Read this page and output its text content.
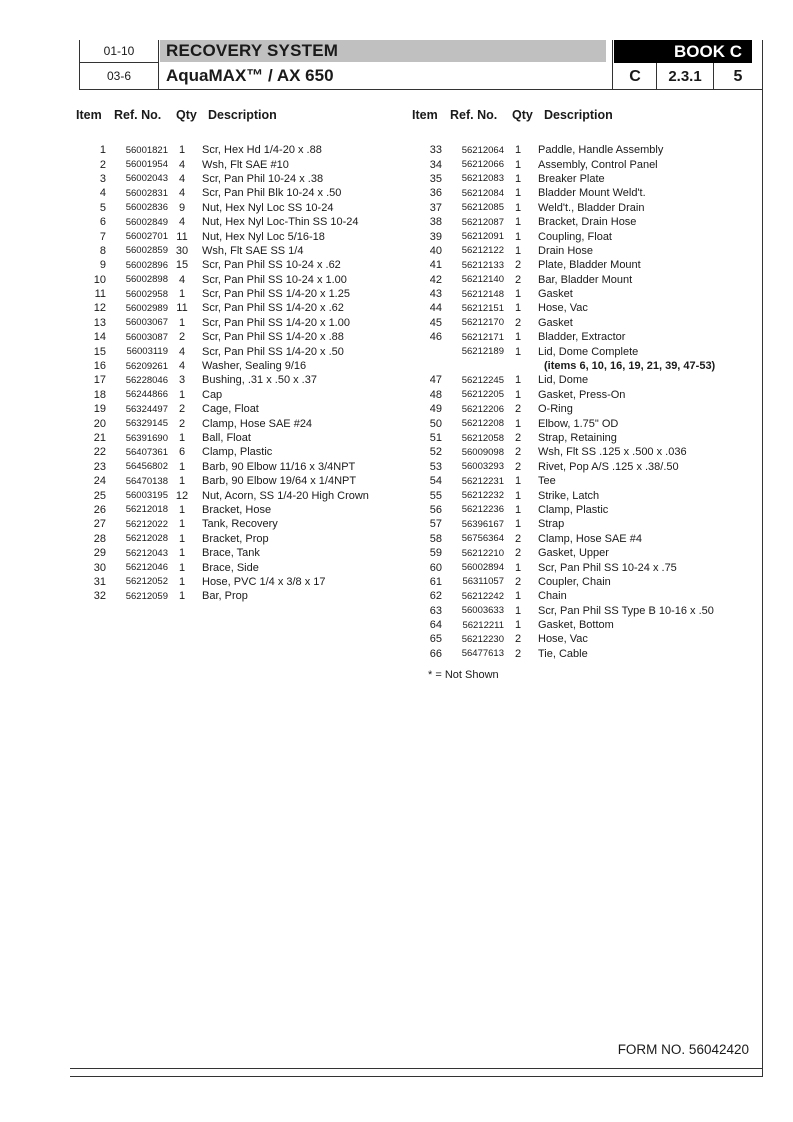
01-10
03-6
RECOVERY SYSTEM
AquaMAX™ / AX 650
BOOK C
C	2.3.1	5
Item Ref. No.	Qty Description
1	56001821 1	Scr, Hex Hd 1/4-20 x .88
2	56001954 4	Wsh, Flt SAE #10
3	56002043 4	Scr, Pan Phil 10-24 x .38
4	56002831 4	Scr, Pan Phil Blk 10-24 x .50
5	56002836 9	Nut, Hex Nyl Loc SS 10-24
6	56002849 4	Nut, Hex Nyl Loc-Thin SS 10-24
7	56002701 11	Nut, Hex Nyl Loc 5/16-18
8	56002859 30	Wsh, Flt SAE SS 1/4
9	56002896 15	Scr, Pan Phil SS 10-24 x .62
10	56002898 4	Scr, Pan Phil SS 10-24 x 1.00
11	56002958 1	Scr, Pan Phil SS 1/4-20 x 1.25
12	56002989 11	Scr, Pan Phil SS 1/4-20 x .62
13	56003067 1	Scr, Pan Phil SS 1/4-20 x 1.00
14	56003087 2	Scr, Pan Phil SS 1/4-20 x .88
15	56003119 4	Scr, Pan Phil SS 1/4-20 x .50
16	56209261 4	Washer, Sealing 9/16
17	56228046 3	Bushing, .31 x .50 x .37
18	56244866 1	Cap
19	56324497 2	Cage, Float
20	56329145 2	Clamp, Hose SAE #24
21	56391690 1	Ball, Float
22	56407361 6	Clamp, Plastic
23	56456802 1	Barb, 90 Elbow 11/16 x 3/4NPT
24	56470138 1	Barb, 90 Elbow 19/64 x 1/4NPT
25	56003195 12	Nut, Acorn, SS 1/4-20 High Crown
26	56212018 1	Bracket, Hose
27	56212022 1	Tank, Recovery
28	56212028 1	Bracket, Prop
29	56212043 1	Brace, Tank
30	56212046 1	Brace, Side
31	56212052 1	Hose, PVC 1/4 x 3/8 x 17
32	56212059 1	Bar, Prop
Item Ref. No.	Qty Description
33	56212064 1	Paddle, Handle Assembly
34	56212066 1	Assembly, Control Panel
35	56212083 1	Breaker Plate
36	56212084 1	Bladder Mount Weld't.
37	56212085 1	Weld't., Bladder Drain
38	56212087 1	Bracket, Drain Hose
39	56212091 1	Coupling, Float
40	56212122 1	Drain Hose
41	56212133 2	Plate, Bladder Mount
42	56212140 2	Bar, Bladder Mount
43	56212148 1	Gasket
44	56212151 1	Hose, Vac
45	56212170 2	Gasket
46	56212171 1	Bladder, Extractor
56212189 1	Lid, Dome Complete
(items 6, 10, 16, 19, 21, 39, 47-53)
47	56212245 1	Lid, Dome
48	56212205 1	Gasket, Press-On
49	56212206 2	O-Ring
50	56212208 1	Elbow, 1.75" OD
51	56212058 2	Strap, Retaining
52	56009098 2	Wsh, Flt SS .125 x .500 x .036
53	56003293 2	Rivet, Pop A/S .125 x .38/.50
54	56212231 1	Tee
55	56212232 1	Strike, Latch
56	56212236 1	Clamp, Plastic
57	56396167 1	Strap
58	56756364 2	Clamp, Hose SAE #4
59	56212210 2	Gasket, Upper
60	56002894 1	Scr, Pan Phil SS 10-24 x .75
61	56311057 2	Coupler, Chain
62	56212242 1	Chain
63	56003633 1	Scr, Pan Phil SS Type B 10-16 x .50
64	56212211 1	Gasket, Bottom
65	56212230 2	Hose, Vac
66	56477613 2	Tie, Cable
* = Not Shown
FORM NO. 56042420
